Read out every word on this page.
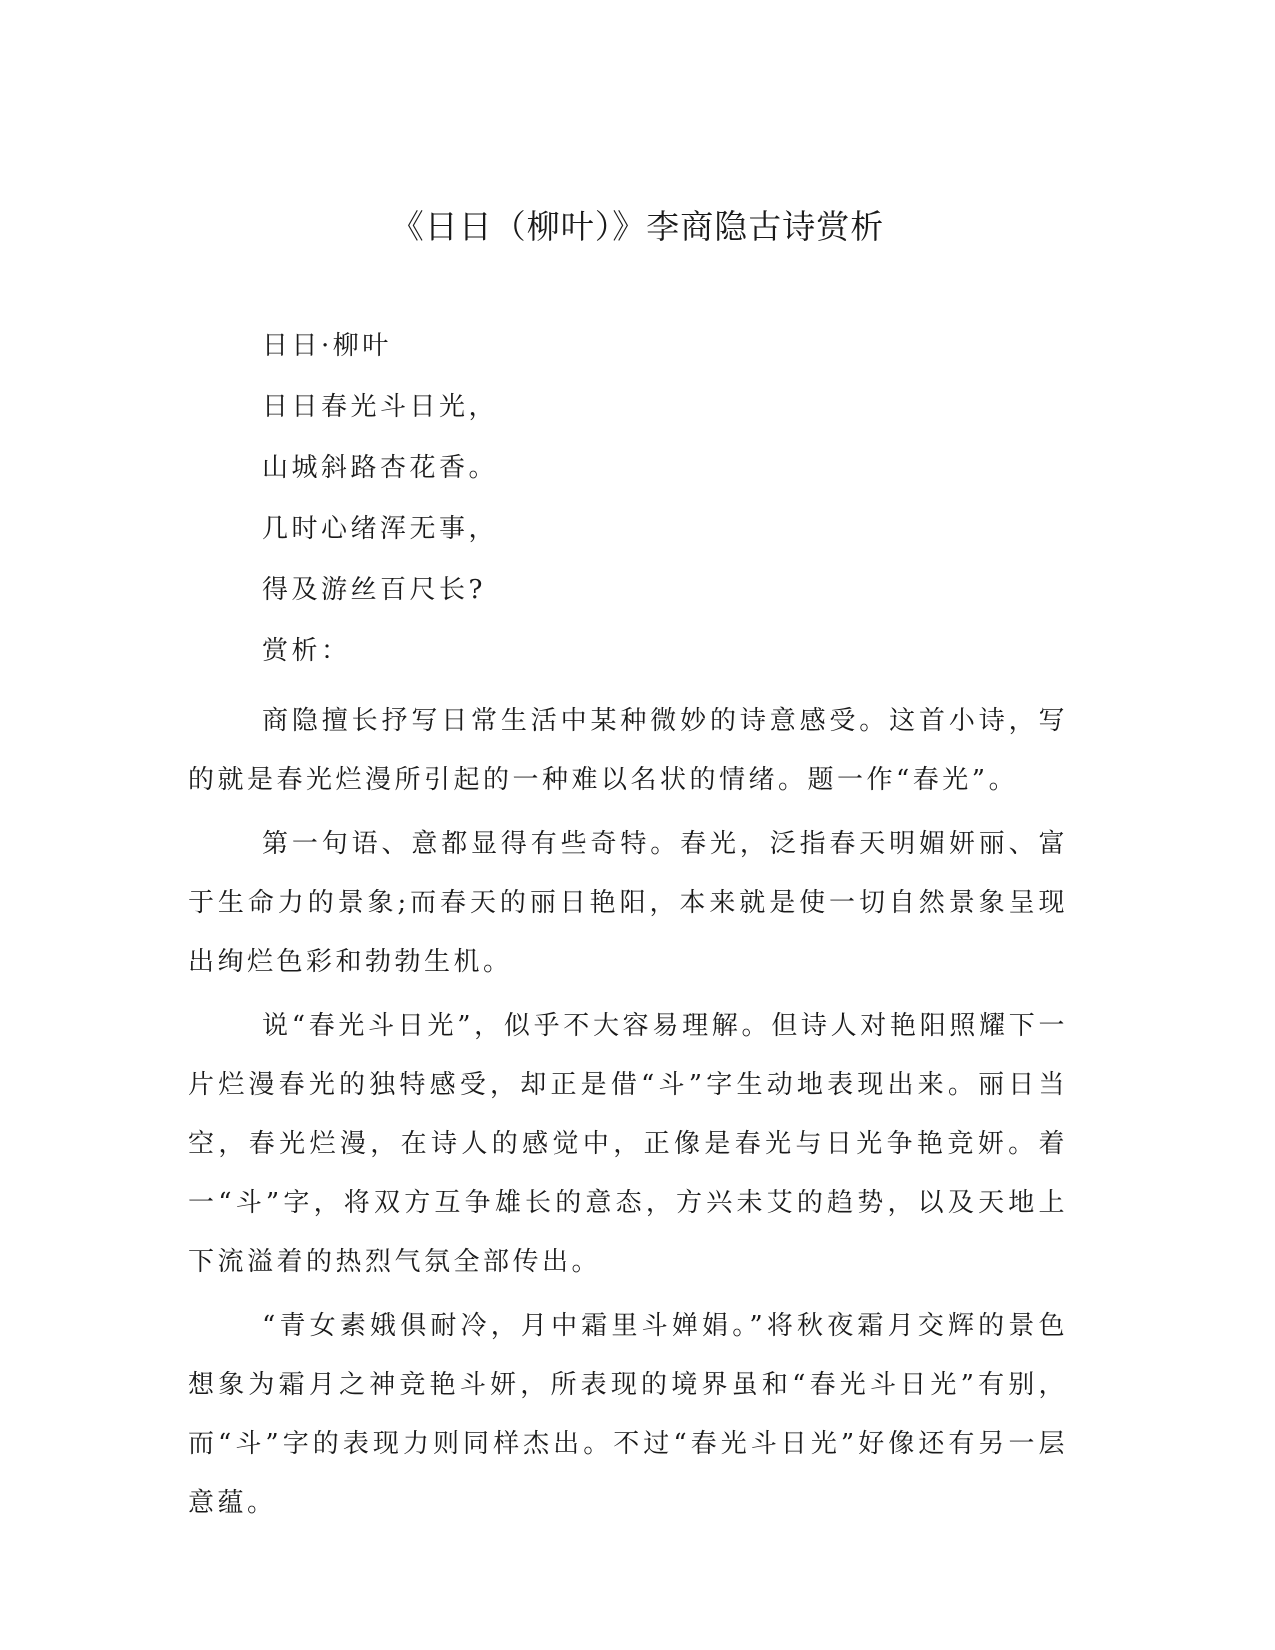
《日日（柳叶）》李商隐古诗赏析
日日·柳叶
日日春光斗日光，
山城斜路杏花香。
几时心绪浑无事，
得及游丝百尺长?
赏析：

商隐擅长抒写日常生活中某种微妙的诗意感受。这首小诗，写的就是春光烂漫所引起的一种难以名状的情绪。题一作“春光”。

第一句语、意都显得有些奇特。春光，泛指春天明媚妍丽、富于生命力的景象;而春天的丽日艳阳，本来就是使一切自然景象呈现出绚烂色彩和勃勃生机。

说“春光斗日光”，似乎不大容易理解。但诗人对艳阳照耀下一片烂漫春光的独特感受，却正是借“斗”字生动地表现出来。丽日当空，春光烂漫，在诗人的感觉中，正像是春光与日光争艳竞妍。着一“斗”字，将双方互争雄长的意态，方兴未艾的趋势，以及天地上下流溢着的热烈气氛全部传出。

“青女素娥俱耐冷，月中霜里斗婵娟。”将秋夜霜月交辉的景色想象为霜月之神竞艳斗妍，所表现的境界虽和“春光斗日光”有别，而“斗”字的表现力则同样杰出。不过“春光斗日光”好像还有另一层意蕴。
